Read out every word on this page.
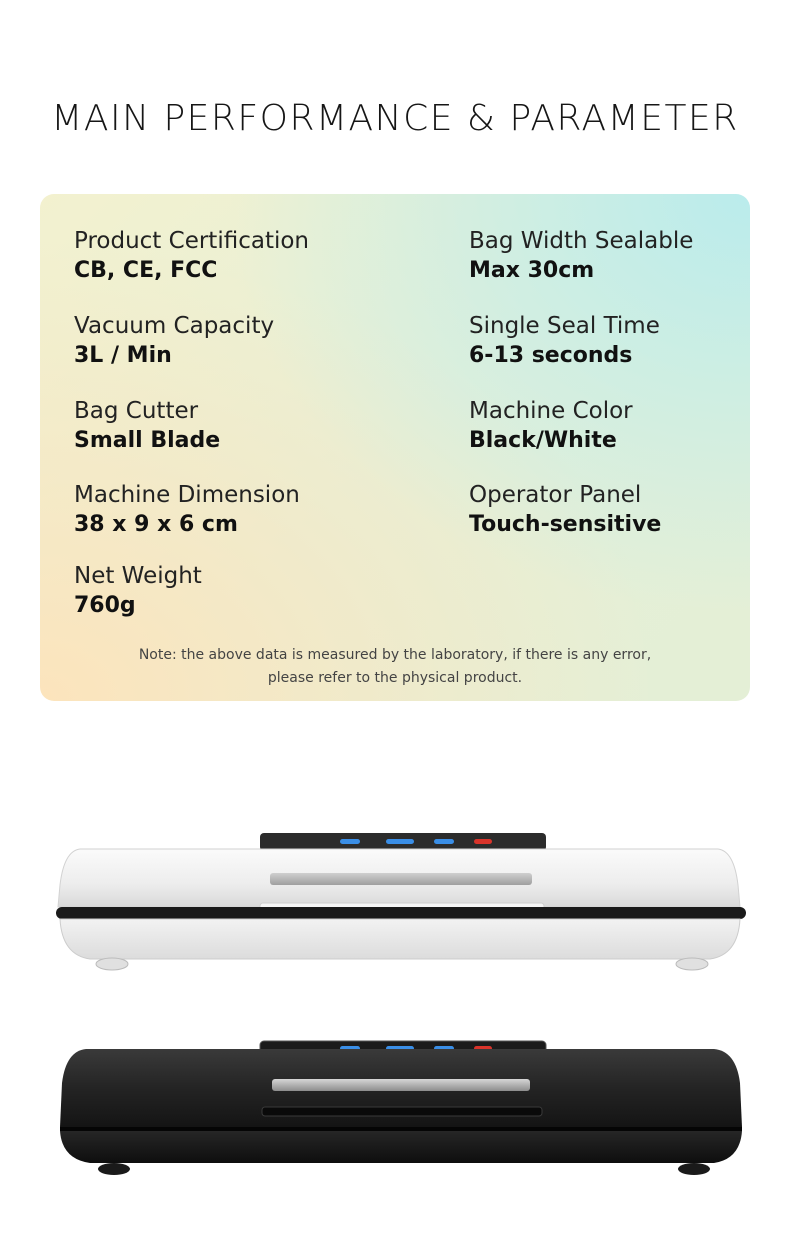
MAIN PERFORMANCE & PARAMETER
Product Certification
CB, CE, FCC
Bag Width Sealable
Max 30cm
Vacuum Capacity
3L / Min
Single Seal Time
6-13 seconds
Bag Cutter
Small Blade
Machine Color
Black/White
Machine Dimension
38 x 9 x 6 cm
Operator Panel
Touch-sensitive
Net Weight
760g
Note: the above data is measured by the laboratory, if there is any error,
please refer to the physical product.
